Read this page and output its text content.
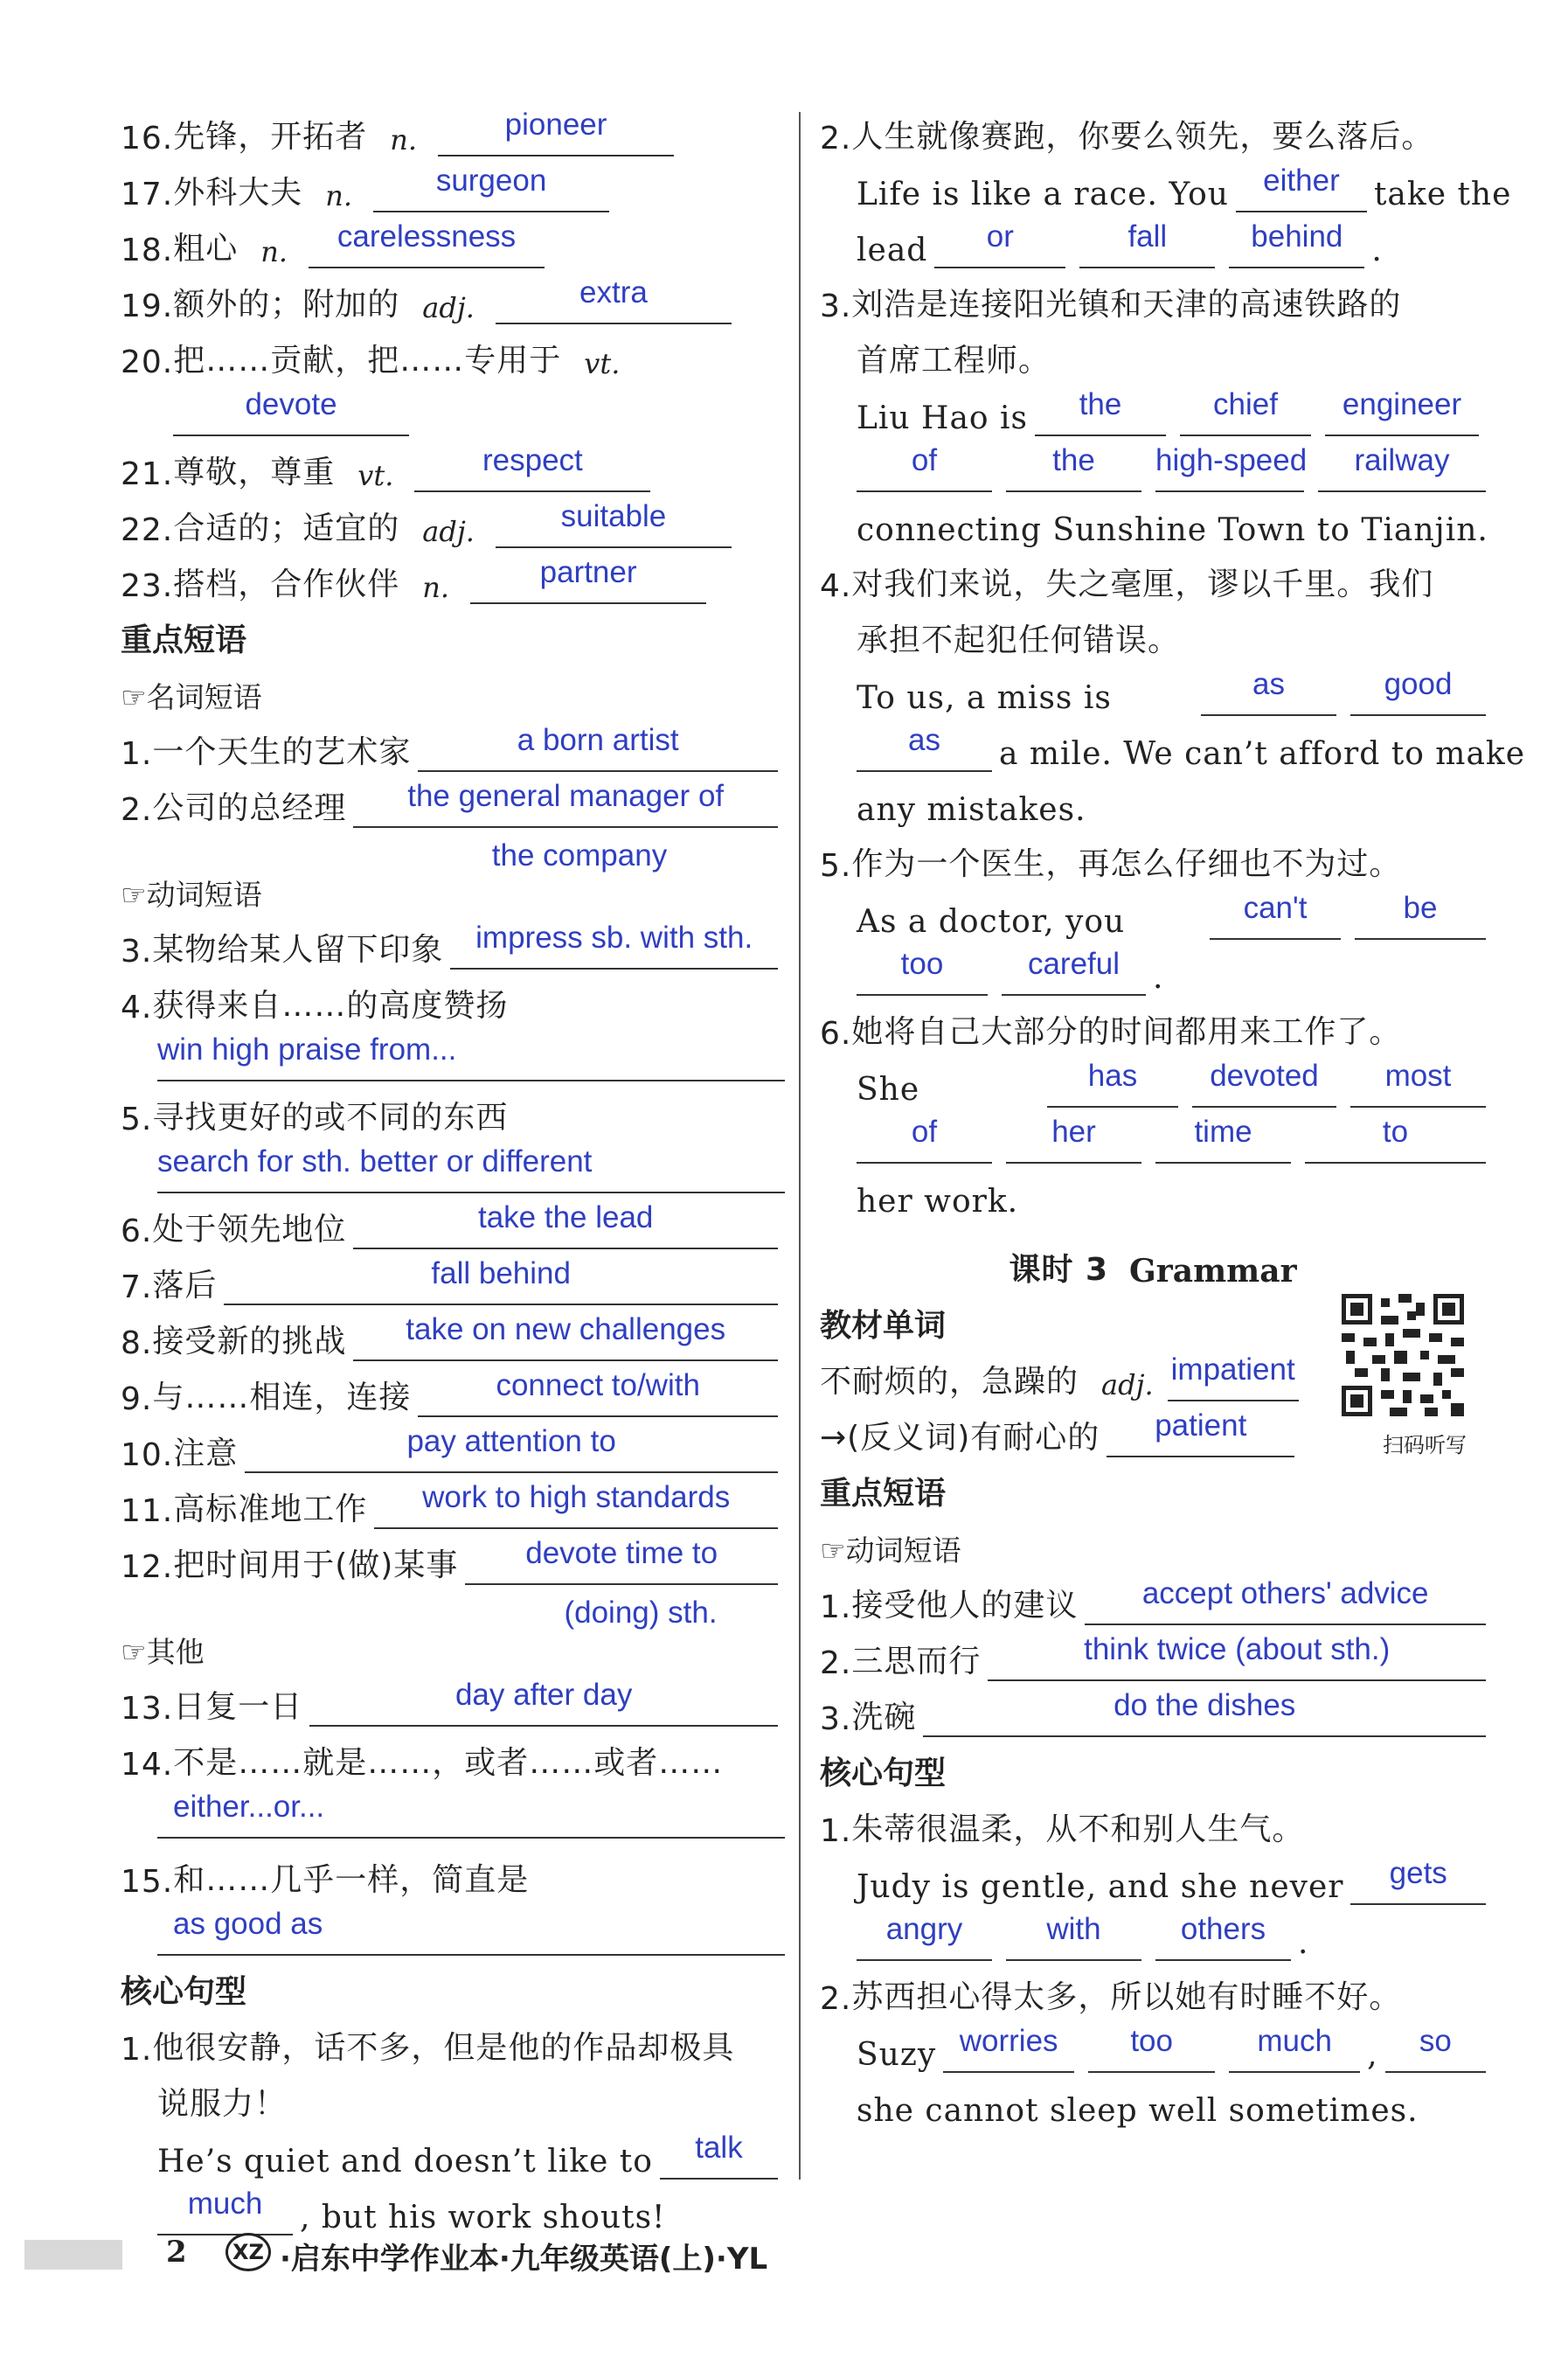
16. 先锋，开拓者 n.	pioneer
17. 外科大夫 n.	surgeon
18. 粗心 n.	carelessness
19. 额外的；附加的 adj.	extra
20. 把……贡献，把……专用于 vt.
devote
21. 尊敬，尊重 vt.	respect
22. 合适的；适宜的 adj.	suitable
23. 搭档，合作伙伴 n.	partner
重点短语
☞名词短语
1. 一个天生的艺术家	a born artist
2. 公司的总经理	the general manager of
the company
☞动词短语
3. 某物给某人留下印象	impress sb. with sth.
4. 获得来自……的高度赞扬
win high praise from...
5. 寻找更好的或不同的东西
search for sth. better or different
6. 处于领先地位	take the lead
7. 落后	fall behind
8. 接受新的挑战	take on new challenges
9. 与……相连，连接	connect to/with
10. 注意	pay attention to
11. 高标准地工作	work to high standards
12. 把时间用于(做)某事	devote time to
(doing) sth.
☞其他
13. 日复一日	day after day
14. 不是……就是……，或者……或者……
either...or...
15. 和……几乎一样，简直是
as good as
核心句型
1. 他很安静，话不多，但是他的作品却极具
说服力！
He’s quiet and doesn’t like to	talk
much	, but his work shouts!
2. 人生就像赛跑，你要么领先，要么落后。
Life is like a race. You	either	take the
lead	or	fall	behind .
3. 刘浩是连接阳光镇和天津的高速铁路的
首席工程师。
Liu Hao is	the	chief	engineer
of	the	high-speed	railway
connecting Sunshine Town to Tianjin.
4. 对我们来说，失之毫厘，谬以千里。我们
承担不起犯任何错误。
To us, a miss is	as	good
as	a mile. We can’t afford to make
any mistakes.
5. 作为一个医生，再怎么仔细也不为过。
As a doctor, you	can't	be
too	careful	.
6. 她将自己大部分的时间都用来工作了。
She	has	devoted	most
of	her	time	to
her work.
课时 3 Grammar
扫码听写
教材单词
不耐烦的，急躁的 adj. impatient
→(反义词)有耐心的	patient
重点短语
☞动词短语
1. 接受他人的建议	accept others' advice
2. 三思而行	think twice (about sth.)
3. 洗碗	do the dishes
核心句型
1. 朱蒂很温柔，从不和别人生气。
Judy is gentle, and she never	gets
angry	with	others	.
2. 苏西担心得太多，所以她有时睡不好。
Suzy worries	too	much	,	so
she cannot sleep well sometimes.
2	XZ ·启东中学作业本·九年级英语(上)·YL
